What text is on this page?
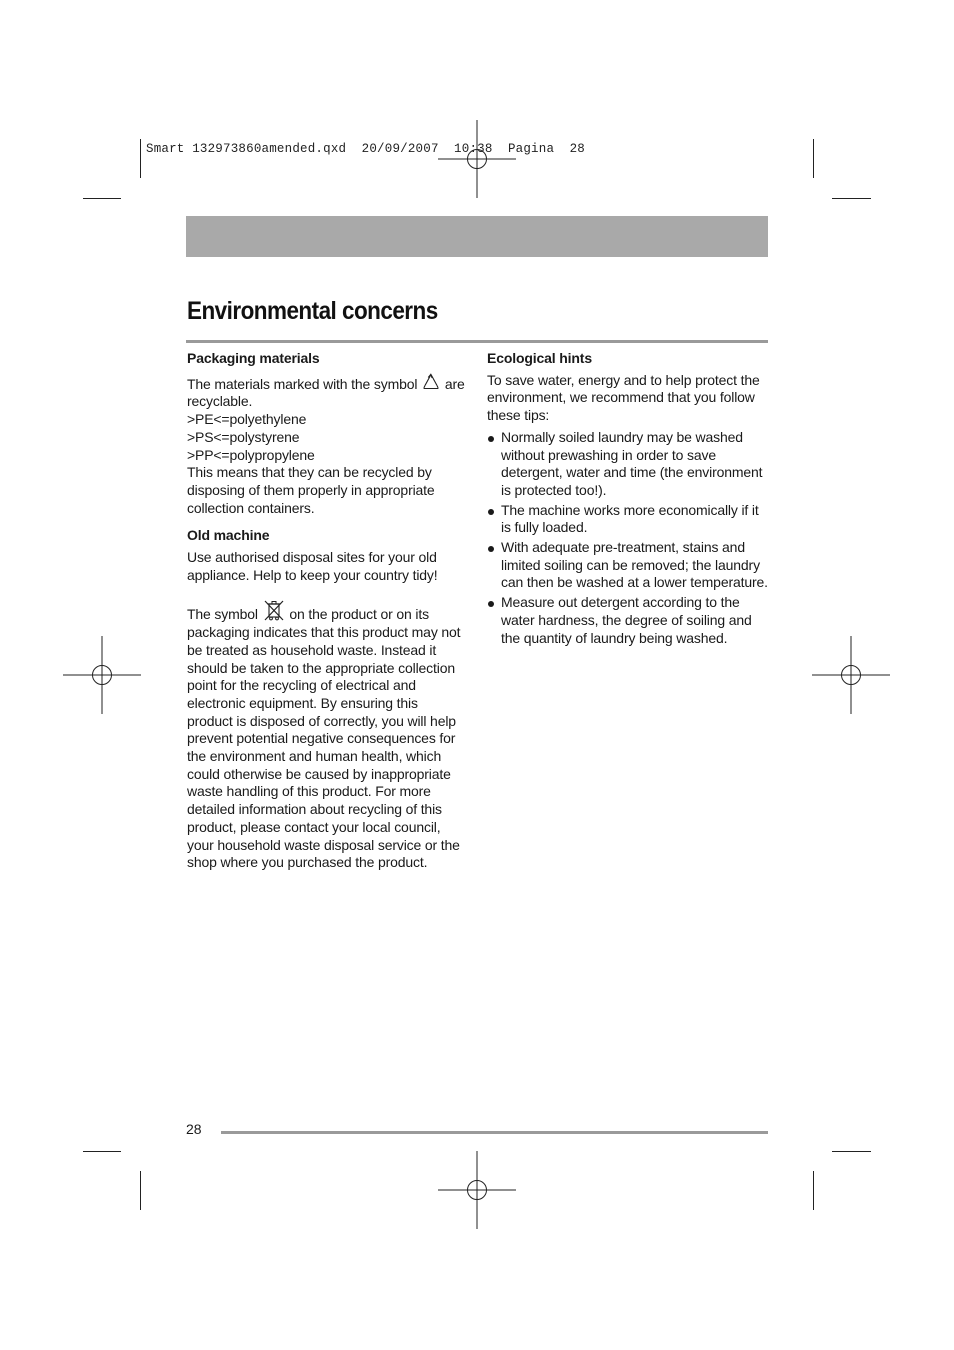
Smart 132973860amended.qxd  20/09/2007  10:38  Pagina  28
Environmental concerns
Packaging materials

The materials marked with the symbol are
recyclable.

>PE<=polyethylene

>PS<=polystyrene

>PP<=polypropylene

This means that they can be recycled by disposing of them properly in appropriate collection containers.

Old machine

Use authorised disposal sites for your old appliance. Help to keep your country tidy!

The symbol on the product or on its packaging indicates that this product may not be treated as household waste. Instead it should be taken to the appropriate collection point for the recycling of electrical and electronic equipment. By ensuring this product is disposed of correctly, you will help prevent potential negative consequences for the environment and human health, which could otherwise be caused by inappropriate waste handling of this product. For more detailed information about recycling of this product, please contact your local council, your household waste disposal service or the shop where you purchased the product.

Ecological hints

To save water, energy and to help protect the environment, we recommend that you follow these tips:

Normally soiled laundry may be washed without prewashing in order to save detergent, water and time (the environment is protected too!).
The machine works more economically if it is fully loaded.
With adequate pre-treatment, stains and limited soiling can be removed; the laundry can then be washed at a lower temperature.
Measure out detergent according to the water hardness, the degree of soiling and the quantity of laundry being washed.
28
